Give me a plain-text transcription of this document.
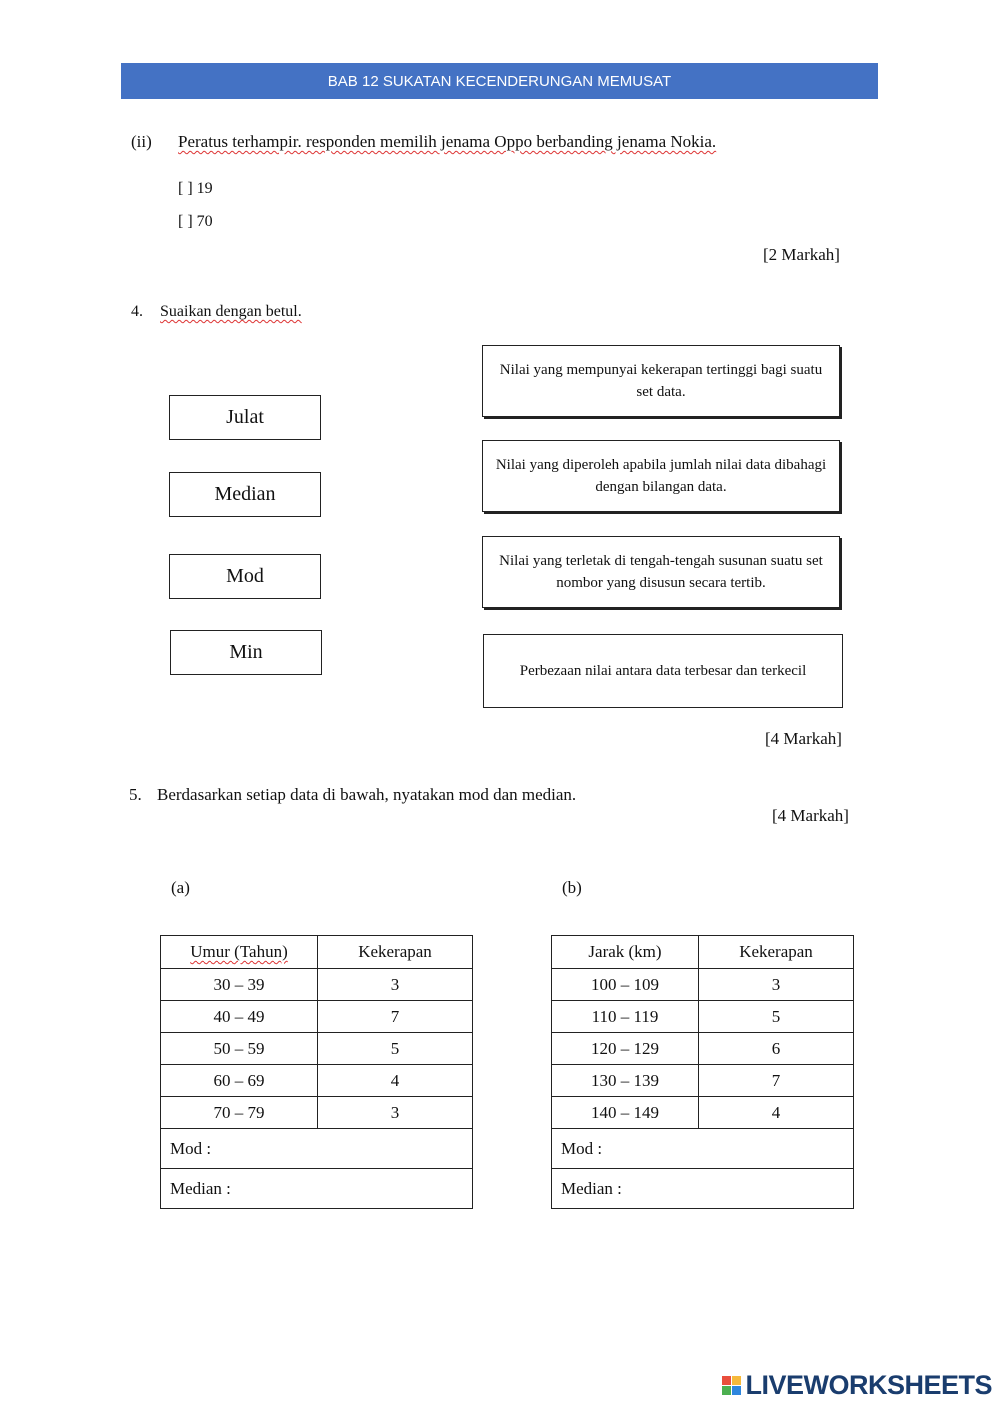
BAB 12 SUKATAN KECENDERUNGAN MEMUSAT
(ii) Peratus terhampir. responden memilih jenama Oppo berbanding jenama Nokia.
[ ] 19
[ ] 70
[2 Markah]
4. Suaikan dengan betul.
Julat
Median
Mod
Min
Nilai yang mempunyai kekerapan tertinggi bagi suatu set data.
Nilai yang diperoleh apabila jumlah nilai data dibahagi dengan bilangan data.
Nilai yang terletak di tengah-tengah susunan suatu set nombor yang disusun secara tertib.
Perbezaan nilai antara data terbesar dan terkecil
[4 Markah]
5. Berdasarkan setiap data di bawah, nyatakan mod dan median.
[4 Markah]
(a)	(b)
Umur (Tahun)	Kekerapan
30 – 39	3
40 – 49	7
50 – 59	5
60 – 69	4
70 – 79	3
Mod :	
Median :	
Jarak (km)	Kekerapan
100 – 109	3
110 – 119	5
120 – 129	6
130 – 139	7
140 – 149	4
Mod :	
Median :	
LIVEWORKSHEETS
